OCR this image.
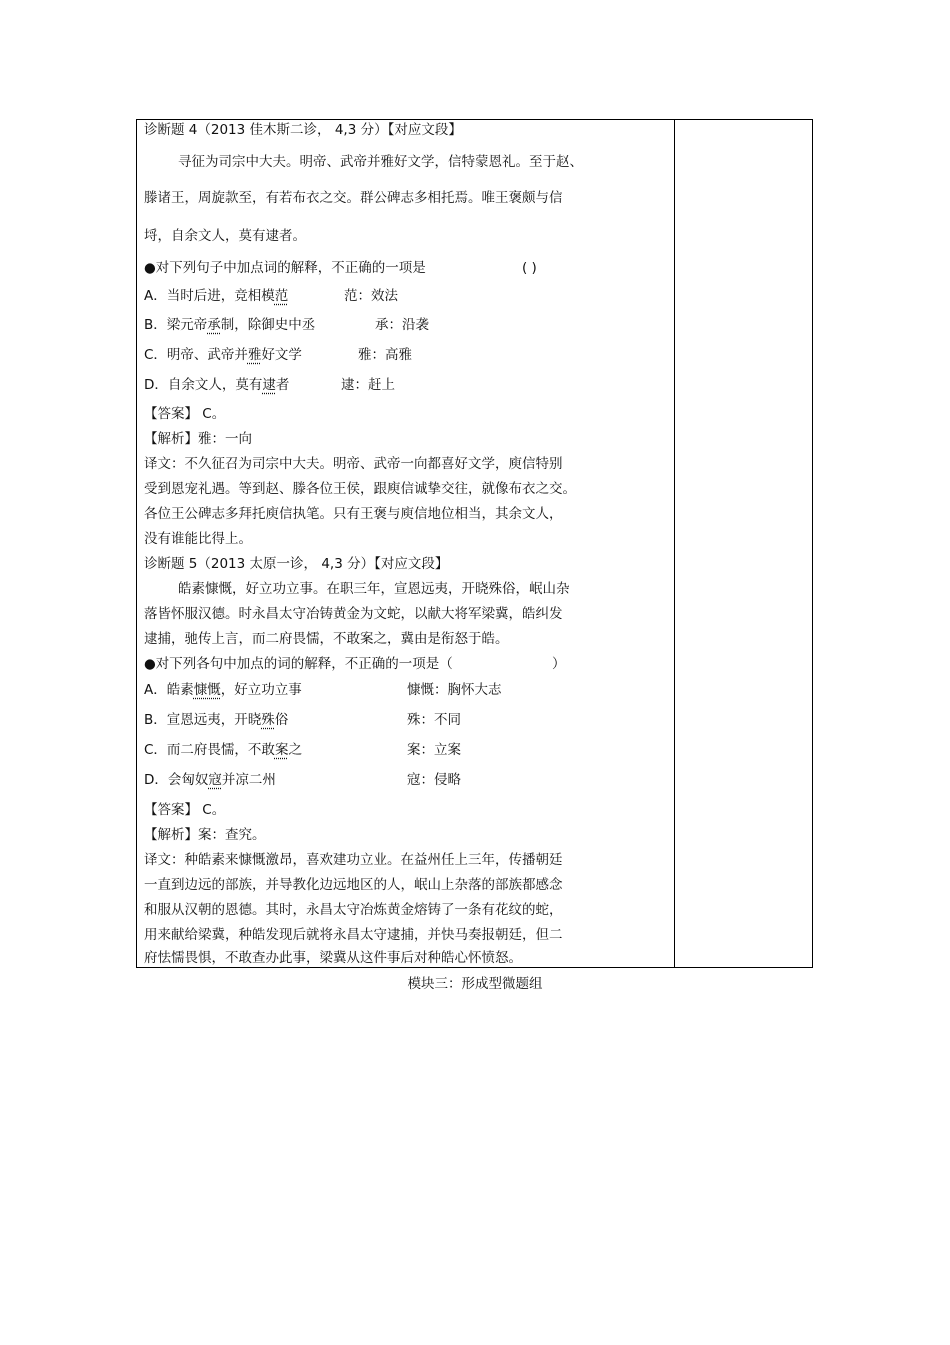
诊断题 4（2013 佳木斯二诊， 4,3 分）【对应文段】
寻征为司宗中大夫。明帝、武帝并雅好文学，信特蒙恩礼。至于赵、
滕诸王，周旋款至，有若布衣之交。群公碑志多相托焉。唯王褒颇与信
埒，自余文人，莫有逮者。
●对下列句子中加点词的解释，不正确的一项是	( )
A．当时后进，竞相模范	范：效法
B．梁元帝承制，除御史中丞	承：沿袭
C．明帝、武帝并雅好文学	雅：高雅
D．自余文人，莫有逮者	逮：赶上
【答案】 C。
【解析】雅：一向
译文：不久征召为司宗中大夫。明帝、武帝一向都喜好文学，庾信特别
受到恩宠礼遇。等到赵、滕各位王侯，跟庾信诚挚交往，就像布衣之交。
各位王公碑志多拜托庾信执笔。只有王褒与庾信地位相当，其余文人，
没有谁能比得上。
诊断题 5（2013 太原一诊， 4,3 分）【对应文段】
皓素慷慨，好立功立事。在职三年，宣恩远夷，开晓殊俗，岷山杂
落皆怀服汉德。时永昌太守冶铸黄金为文蛇，以献大将军梁冀，皓纠发
逮捕，驰传上言，而二府畏懦，不敢案之，冀由是衔怒于皓。
●对下列各句中加点的词的解释，不正确的一项是（	）
A．皓素慷慨，好立功立事	慷慨：胸怀大志
B．宣恩远夷，开晓殊俗	殊：不同
C．而二府畏懦，不敢案之	案：立案
D．会匈奴寇并凉二州	寇：侵略
【答案】 C。
【解析】案：查究。
译文：种皓素来慷慨激昂，喜欢建功立业。在益州任上三年，传播朝廷
一直到边远的部族，并导教化边远地区的人，岷山上杂落的部族都感念
和服从汉朝的恩德。其时，永昌太守冶炼黄金熔铸了一条有花纹的蛇，
用来献给梁冀，种皓发现后就将永昌太守逮捕，并快马奏报朝廷，但二
府怯懦畏惧，不敢查办此事，梁冀从这件事后对种皓心怀愤怒。
模块三：形成型微题组
